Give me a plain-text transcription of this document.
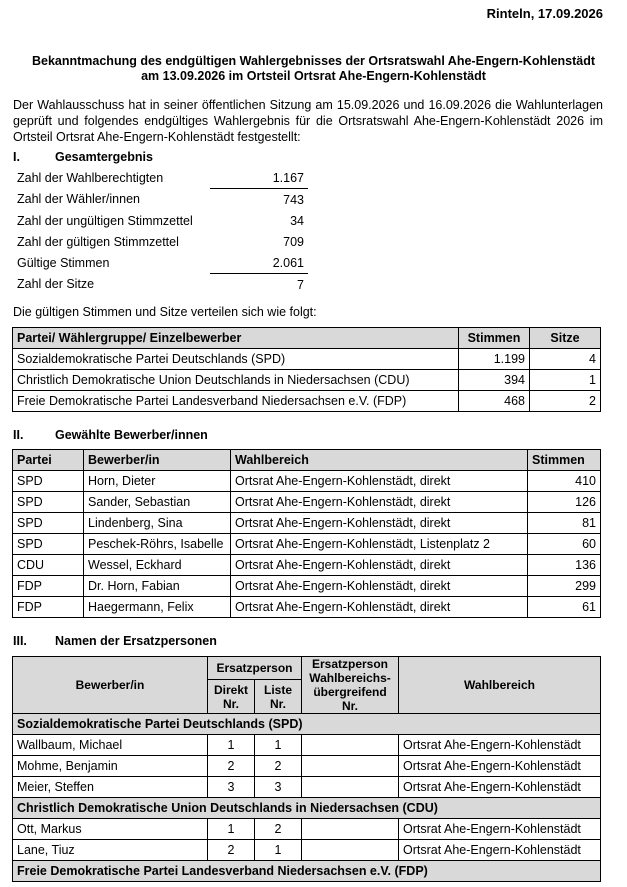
Rinteln, 17.09.2026
Bekanntmachung des endgültigen Wahlergebnisses der Ortsratswahl Ahe-Engern-Kohlenstädt
am 13.09.2026 im Ortsteil Ortsrat Ahe-Engern-Kohlenstädt
Der Wahlausschuss hat in seiner öffentlichen Sitzung am 15.09.2026 und 16.09.2026 die Wahlunterlagen geprüft und folgendes endgültiges Wahlergebnis für die Ortsratswahl Ahe-Engern-Kohlenstädt 2026 im Ortsteil Ortsrat Ahe-Engern-Kohlenstädt festgestellt:
I.	Gesamtergebnis
Zahl der Wahlberechtigten	1.167
Zahl der Wähler/innen	743
Zahl der ungültigen Stimmzettel	34
Zahl der gültigen Stimmzettel	709
Gültige Stimmen	2.061
Zahl der Sitze	7
Die gültigen Stimmen und Sitze verteilen sich wie folgt:
Partei/ Wählergruppe/ Einzelbewerber	Stimmen	Sitze
Sozialdemokratische Partei Deutschlands (SPD)	1.199	4
Christlich Demokratische Union Deutschlands in Niedersachsen (CDU)	394	1
Freie Demokratische Partei Landesverband Niedersachsen e.V. (FDP)	468	2
II.	Gewählte Bewerber/innen
Partei	Bewerber/in	Wahlbereich	Stimmen
SPD	Horn, Dieter	Ortsrat Ahe-Engern-Kohlenstädt, direkt	410
SPD	Sander, Sebastian	Ortsrat Ahe-Engern-Kohlenstädt, direkt	126
SPD	Lindenberg, Sina	Ortsrat Ahe-Engern-Kohlenstädt, direkt	81
SPD	Peschek-Röhrs, Isabelle	Ortsrat Ahe-Engern-Kohlenstädt, Listenplatz 2	60
CDU	Wessel, Eckhard	Ortsrat Ahe-Engern-Kohlenstädt, direkt	136
FDP	Dr. Horn, Fabian	Ortsrat Ahe-Engern-Kohlenstädt, direkt	299
FDP	Haegermann, Felix	Ortsrat Ahe-Engern-Kohlenstädt, direkt	61
III. Namen der Ersatzpersonen
Bewerber/in	Ersatzperson		Ersatzperson Wahlbereichs-übergreifend Nr.	Wahlbereich
	Direkt Nr.	Liste Nr.		
Sozialdemokratische Partei Deutschlands (SPD)				
Wallbaum, Michael	1	1		Ortsrat Ahe-Engern-Kohlenstädt
Mohme, Benjamin	2	2		Ortsrat Ahe-Engern-Kohlenstädt
Meier, Steffen	3	3		Ortsrat Ahe-Engern-Kohlenstädt
Christlich Demokratische Union Deutschlands in Niedersachsen (CDU)				
Ott, Markus	1	2		Ortsrat Ahe-Engern-Kohlenstädt
Lane, Tiuz	2	1		Ortsrat Ahe-Engern-Kohlenstädt
Freie Demokratische Partei Landesverband Niedersachsen e.V. (FDP)				
